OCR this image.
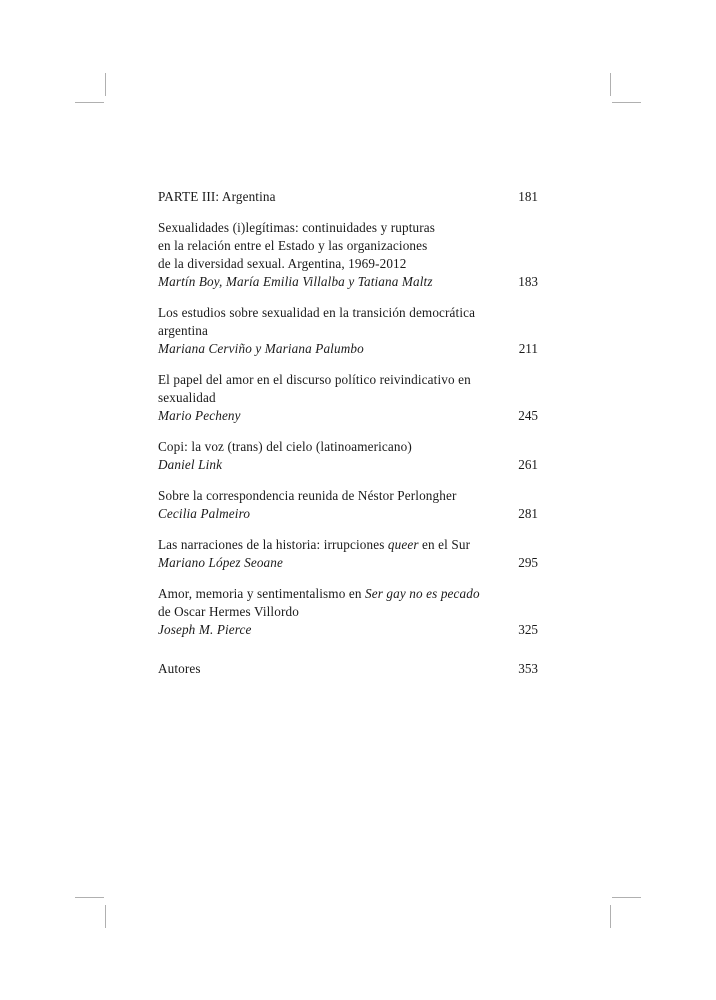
PARTE III: Argentina	181
Sexualidades (i)legítimas: continuidades y rupturas
en la relación entre el Estado y las organizaciones
de la diversidad sexual. Argentina, 1969-2012
Martín Boy, María Emilia Villalba y Tatiana Maltz	183
Los estudios sobre sexualidad en la transición democrática
argentina
Mariana Cerviño y Mariana Palumbo	211
El papel del amor en el discurso político reivindicativo en
sexualidad
Mario Pecheny	245
Copi: la voz (trans) del cielo (latinoamericano)
Daniel Link	261
Sobre la correspondencia reunida de Néstor Perlongher
Cecilia Palmeiro	281
Las narraciones de la historia: irrupciones queer en el Sur
Mariano López Seoane	295
Amor, memoria y sentimentalismo en Ser gay no es pecado
de Oscar Hermes Villordo
Joseph M. Pierce	325
Autores	353
